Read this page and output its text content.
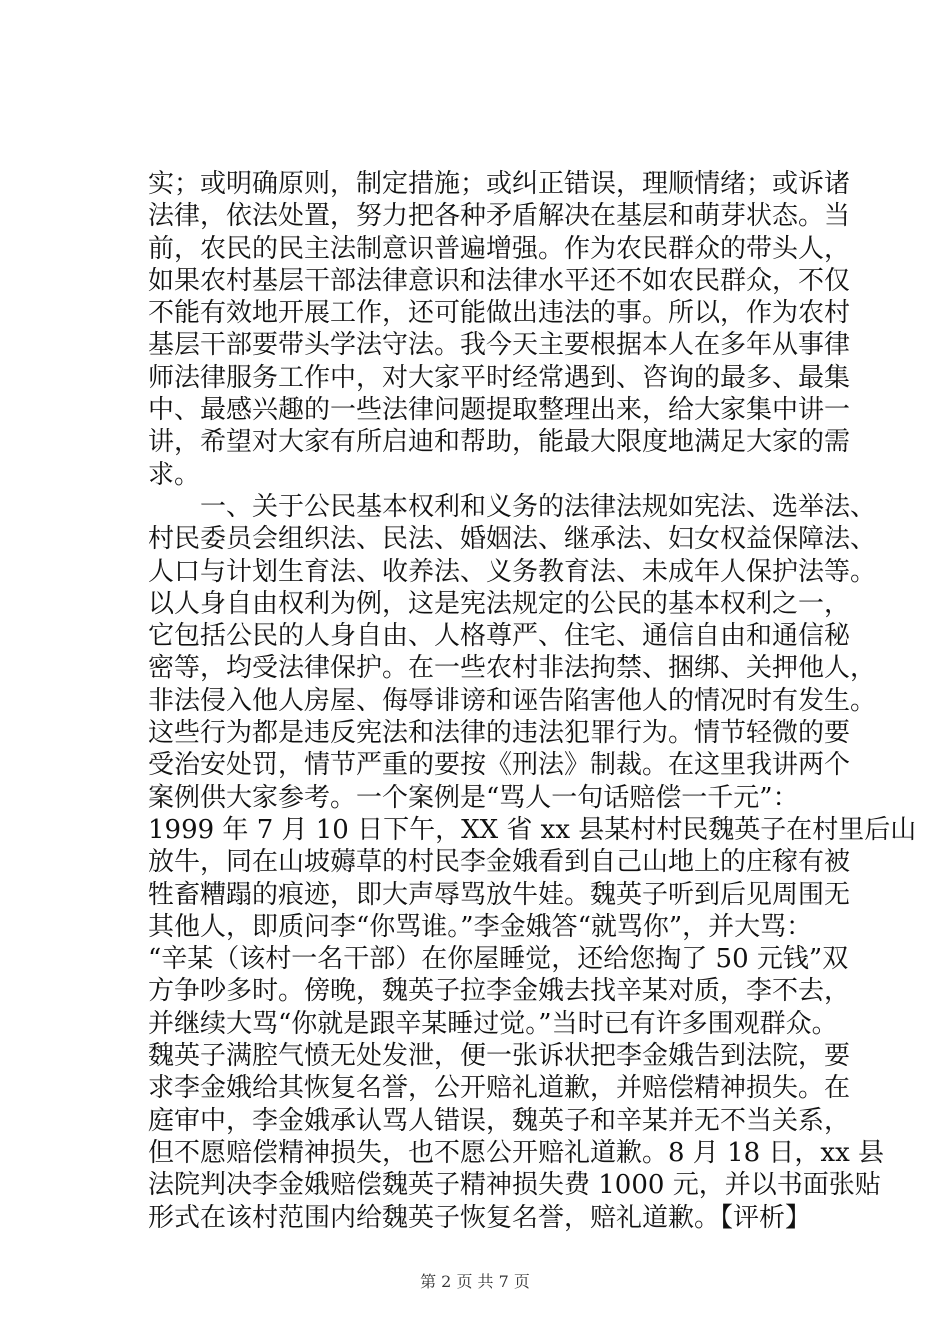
实；或明确原则，制定措施；或纠正错误，理顺情绪；或诉诸
法律，依法处置，努力把各种矛盾解决在基层和萌芽状态。当
前，农民的民主法制意识普遍增强。作为农民群众的带头人，
如果农村基层干部法律意识和法律水平还不如农民群众，不仅
不能有效地开展工作，还可能做出违法的事。所以，作为农村
基层干部要带头学法守法。我今天主要根据本人在多年从事律
师法律服务工作中，对大家平时经常遇到、咨询的最多、最集
中、最感兴趣的一些法律问题提取整理出来，给大家集中讲一
讲，希望对大家有所启迪和帮助，能最大限度地满足大家的需
求。
　　一、关于公民基本权利和义务的法律法规如宪法、选举法、
村民委员会组织法、民法、婚姻法、继承法、妇女权益保障法、
人口与计划生育法、收养法、义务教育法、未成年人保护法等。
以人身自由权利为例，这是宪法规定的公民的基本权利之一，
它包括公民的人身自由、人格尊严、住宅、通信自由和通信秘
密等，均受法律保护。在一些农村非法拘禁、捆绑、关押他人，
非法侵入他人房屋、侮辱诽谤和诬告陷害他人的情况时有发生。
这些行为都是违反宪法和法律的违法犯罪行为。情节轻微的要
受治安处罚，情节严重的要按《刑法》制裁。在这里我讲两个
案例供大家参考。一个案例是“骂人一句话赔偿一千元”：
1999 年 7 月 10 日下午，XX 省 xx 县某村村民魏英子在村里后山
放牛，同在山坡薅草的村民李金娥看到自己山地上的庄稼有被
牲畜糟蹋的痕迹，即大声辱骂放牛娃。魏英子听到后见周围无
其他人，即质问李“你骂谁。”李金娥答“就骂你”，并大骂：
“辛某（该村一名干部）在你屋睡觉，还给您掏了 50 元钱”双
方争吵多时。傍晚，魏英子拉李金娥去找辛某对质，李不去，
并继续大骂“你就是跟辛某睡过觉。”当时已有许多围观群众。
魏英子满腔气愤无处发泄，便一张诉状把李金娥告到法院，要
求李金娥给其恢复名誉，公开赔礼道歉，并赔偿精神损失。在
庭审中，李金娥承认骂人错误，魏英子和辛某并无不当关系，
但不愿赔偿精神损失，也不愿公开赔礼道歉。8 月 18 日，xx 县
法院判决李金娥赔偿魏英子精神损失费 1000 元，并以书面张贴
形式在该村范围内给魏英子恢复名誉，赔礼道歉。【评析】
第 2 页 共 7 页
